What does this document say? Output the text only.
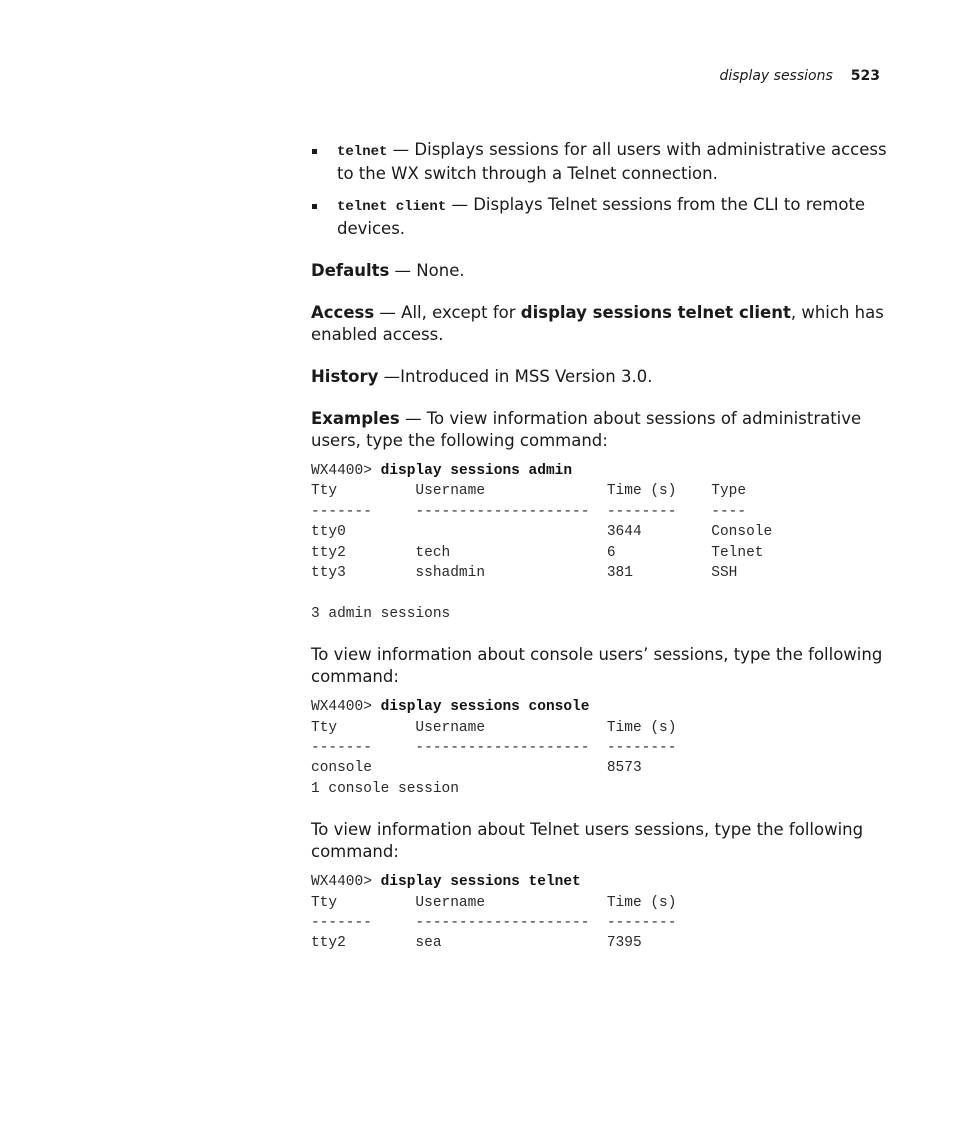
display sessions 523
telnet — Displays sessions for all users with administrative access to the WX switch through a Telnet connection.
telnet client — Displays Telnet sessions from the CLI to remote devices.

Defaults — None.

Access — All, except for display sessions telnet client, which has enabled access.

History —Introduced in MSS Version 3.0.

Examples — To view information about sessions of administrative users, type the following command:

WX4400> display sessions admin
Tty         Username              Time (s)    Type
-------     --------------------  --------    ----
tty0                              3644        Console
tty2        tech                  6           Telnet
tty3        sshadmin              381         SSH
3 admin sessions

To view information about console users’ sessions, type the following command:

WX4400> display sessions console
Tty         Username              Time (s)
-------     --------------------  --------
console                           8573
1 console session

To view information about Telnet users sessions, type the following command:

WX4400> display sessions telnet
Tty         Username              Time (s)
-------     --------------------  --------
tty2        sea                   7395
